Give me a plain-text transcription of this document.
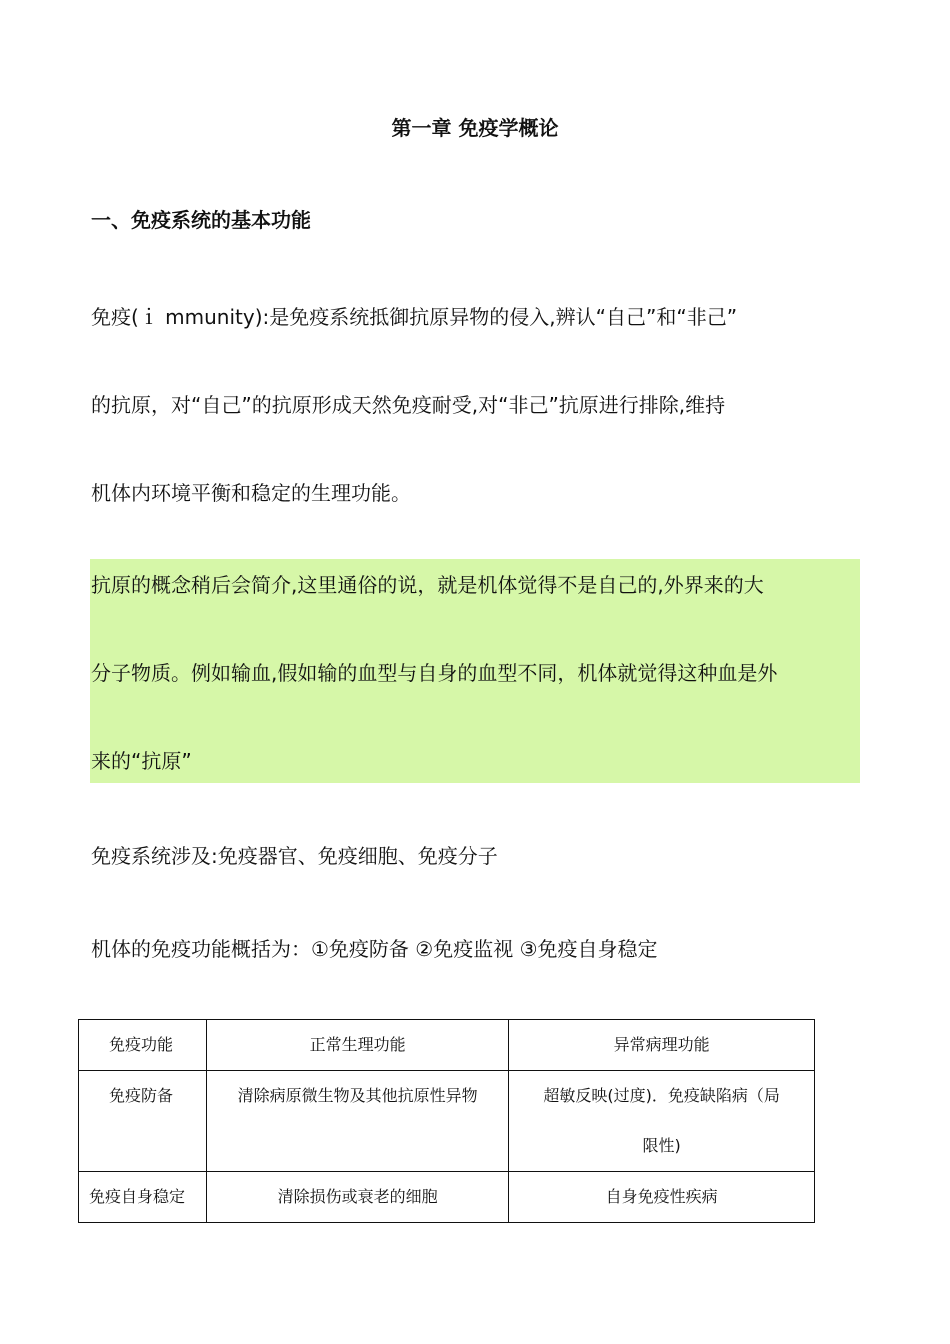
第一章 免疫学概论
一、免疫系统的基本功能
免疫(ｉ mmunity):是免疫系统抵御抗原异物的侵入,辨认“自己”和“非己”
的抗原，对“自己”的抗原形成天然免疫耐受,对“非己”抗原进行排除,维持
机体内环境平衡和稳定的生理功能。
抗原的概念稍后会简介,这里通俗的说，就是机体觉得不是自己的,外界来的大
分子物质。例如输血,假如输的血型与自身的血型不同，机体就觉得这种血是外
来的“抗原”
免疫系统涉及:免疫器官、免疫细胞、免疫分子
机体的免疫功能概括为：①免疫防备 ②免疫监视 ③免疫自身稳定
免疫功能	正常生理功能	异常病理功能

免疫防备	清除病原微生物及其他抗原性异物	超敏反映(过度)．免疫缺陷病（局
限性)

免疫自身稳定	清除损伤或衰老的细胞	自身免疫性疾病
